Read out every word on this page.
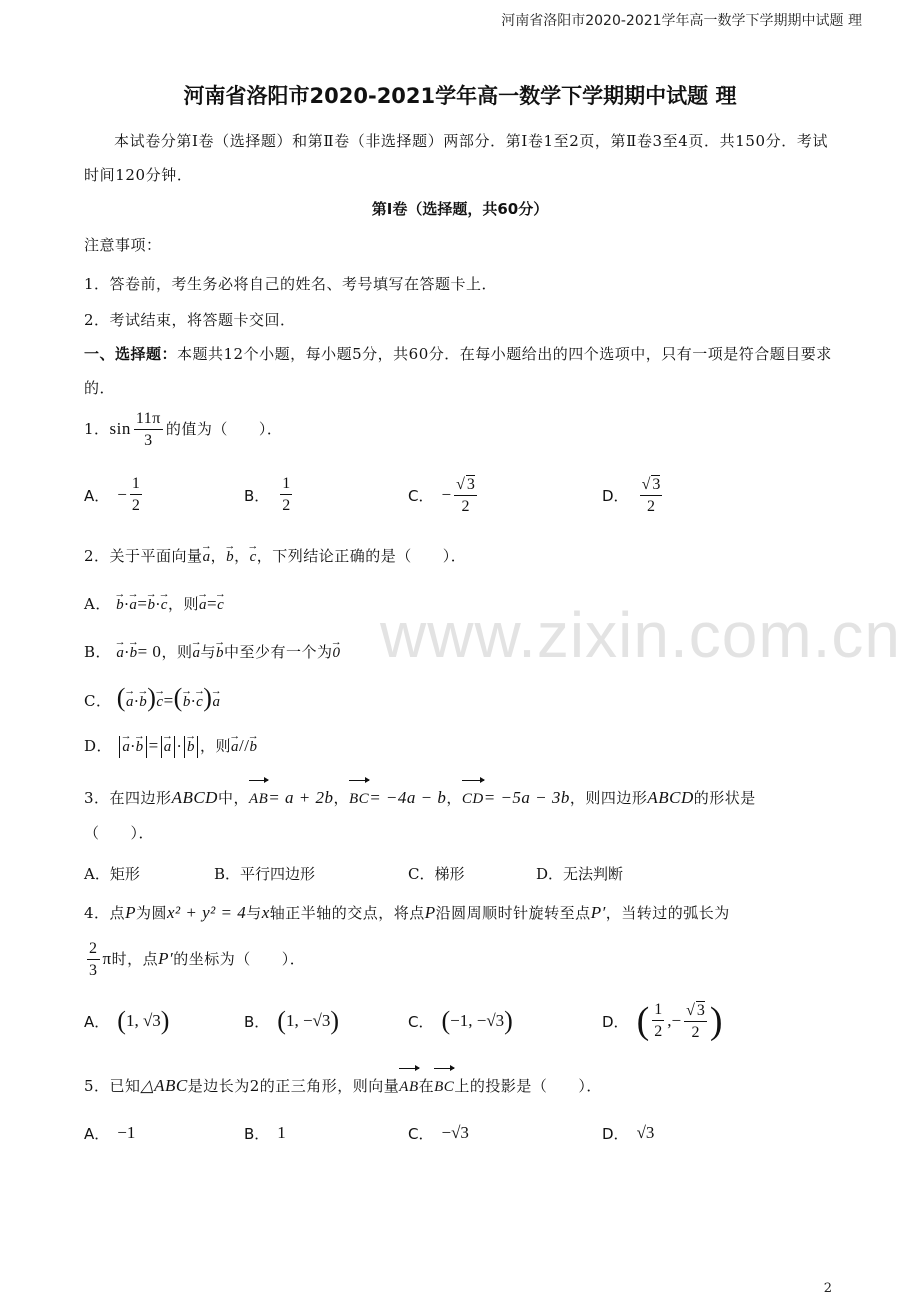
河南省洛阳市2020-2021学年高一数学下学期期中试题 理
www.zixin.com.cn
河南省洛阳市2020-2021学年高一数学下学期期中试题 理

本试卷分第Ⅰ卷（选择题）和第Ⅱ卷（非选择题）两部分．第Ⅰ卷1至2页，第Ⅱ卷3至4页．共150分．考试时间120分钟．

第Ⅰ卷（选择题，共60分）

注意事项：

1．答卷前，考生务必将自己的姓名、考号填写在答题卡上．

2．考试结束，将答题卡交回．

一、选择题：本题共12个小题，每小题5分，共60分．在每小题给出的四个选项中，只有一项是符合题目要求的．

1．$\sin \frac{11\pi}{3}$ 的值为（　　）．
A． − $\frac{1}{2}$	B． $\frac{1}{2}$	C． − $\frac{√ 3}{2}$	D． $\frac{√ 3}{2}$
2．关于平面向量→ a，→ b，→ c，下列结论正确的是（　　）．
A． → b·→ a=→ b·→ c，则→ a=→ c
B． → a·→ b= 0，则→ a与→ b中至少有一个为→ 0
C． (→ a·→ b)→ c=(→ b·→ c)→ a
D． → a·→ b = → a · → b ，则→ a//→ b
3．在四边形ABCD中，AB= a + 2b，BC= −4a − b，CD= −5a − 3b，则四边形ABCD的形状是
（　　）．
A．矩形	B．平行四边形	C．梯形	D．无法判断
4．点P为圆x² + y² = 4与x轴正半轴的交点，将点P沿圆周顺时针旋转至点P′，当转过的弧长为
$\frac{2}{3}$ π时，点P′的坐标为（　　）．
A． ( 1, √3 )	B． ( 1, −√3 )	C． ( −1, −√3 )	D． ( $\frac{1}{2}$ ,− $\frac{√ 3}{2}$ )
5．已知△ABC是边长为2的正三角形，则向量AB在BC上的投影是（　　）．
A． −1	B． 1	C． −√3	D． √3
2
